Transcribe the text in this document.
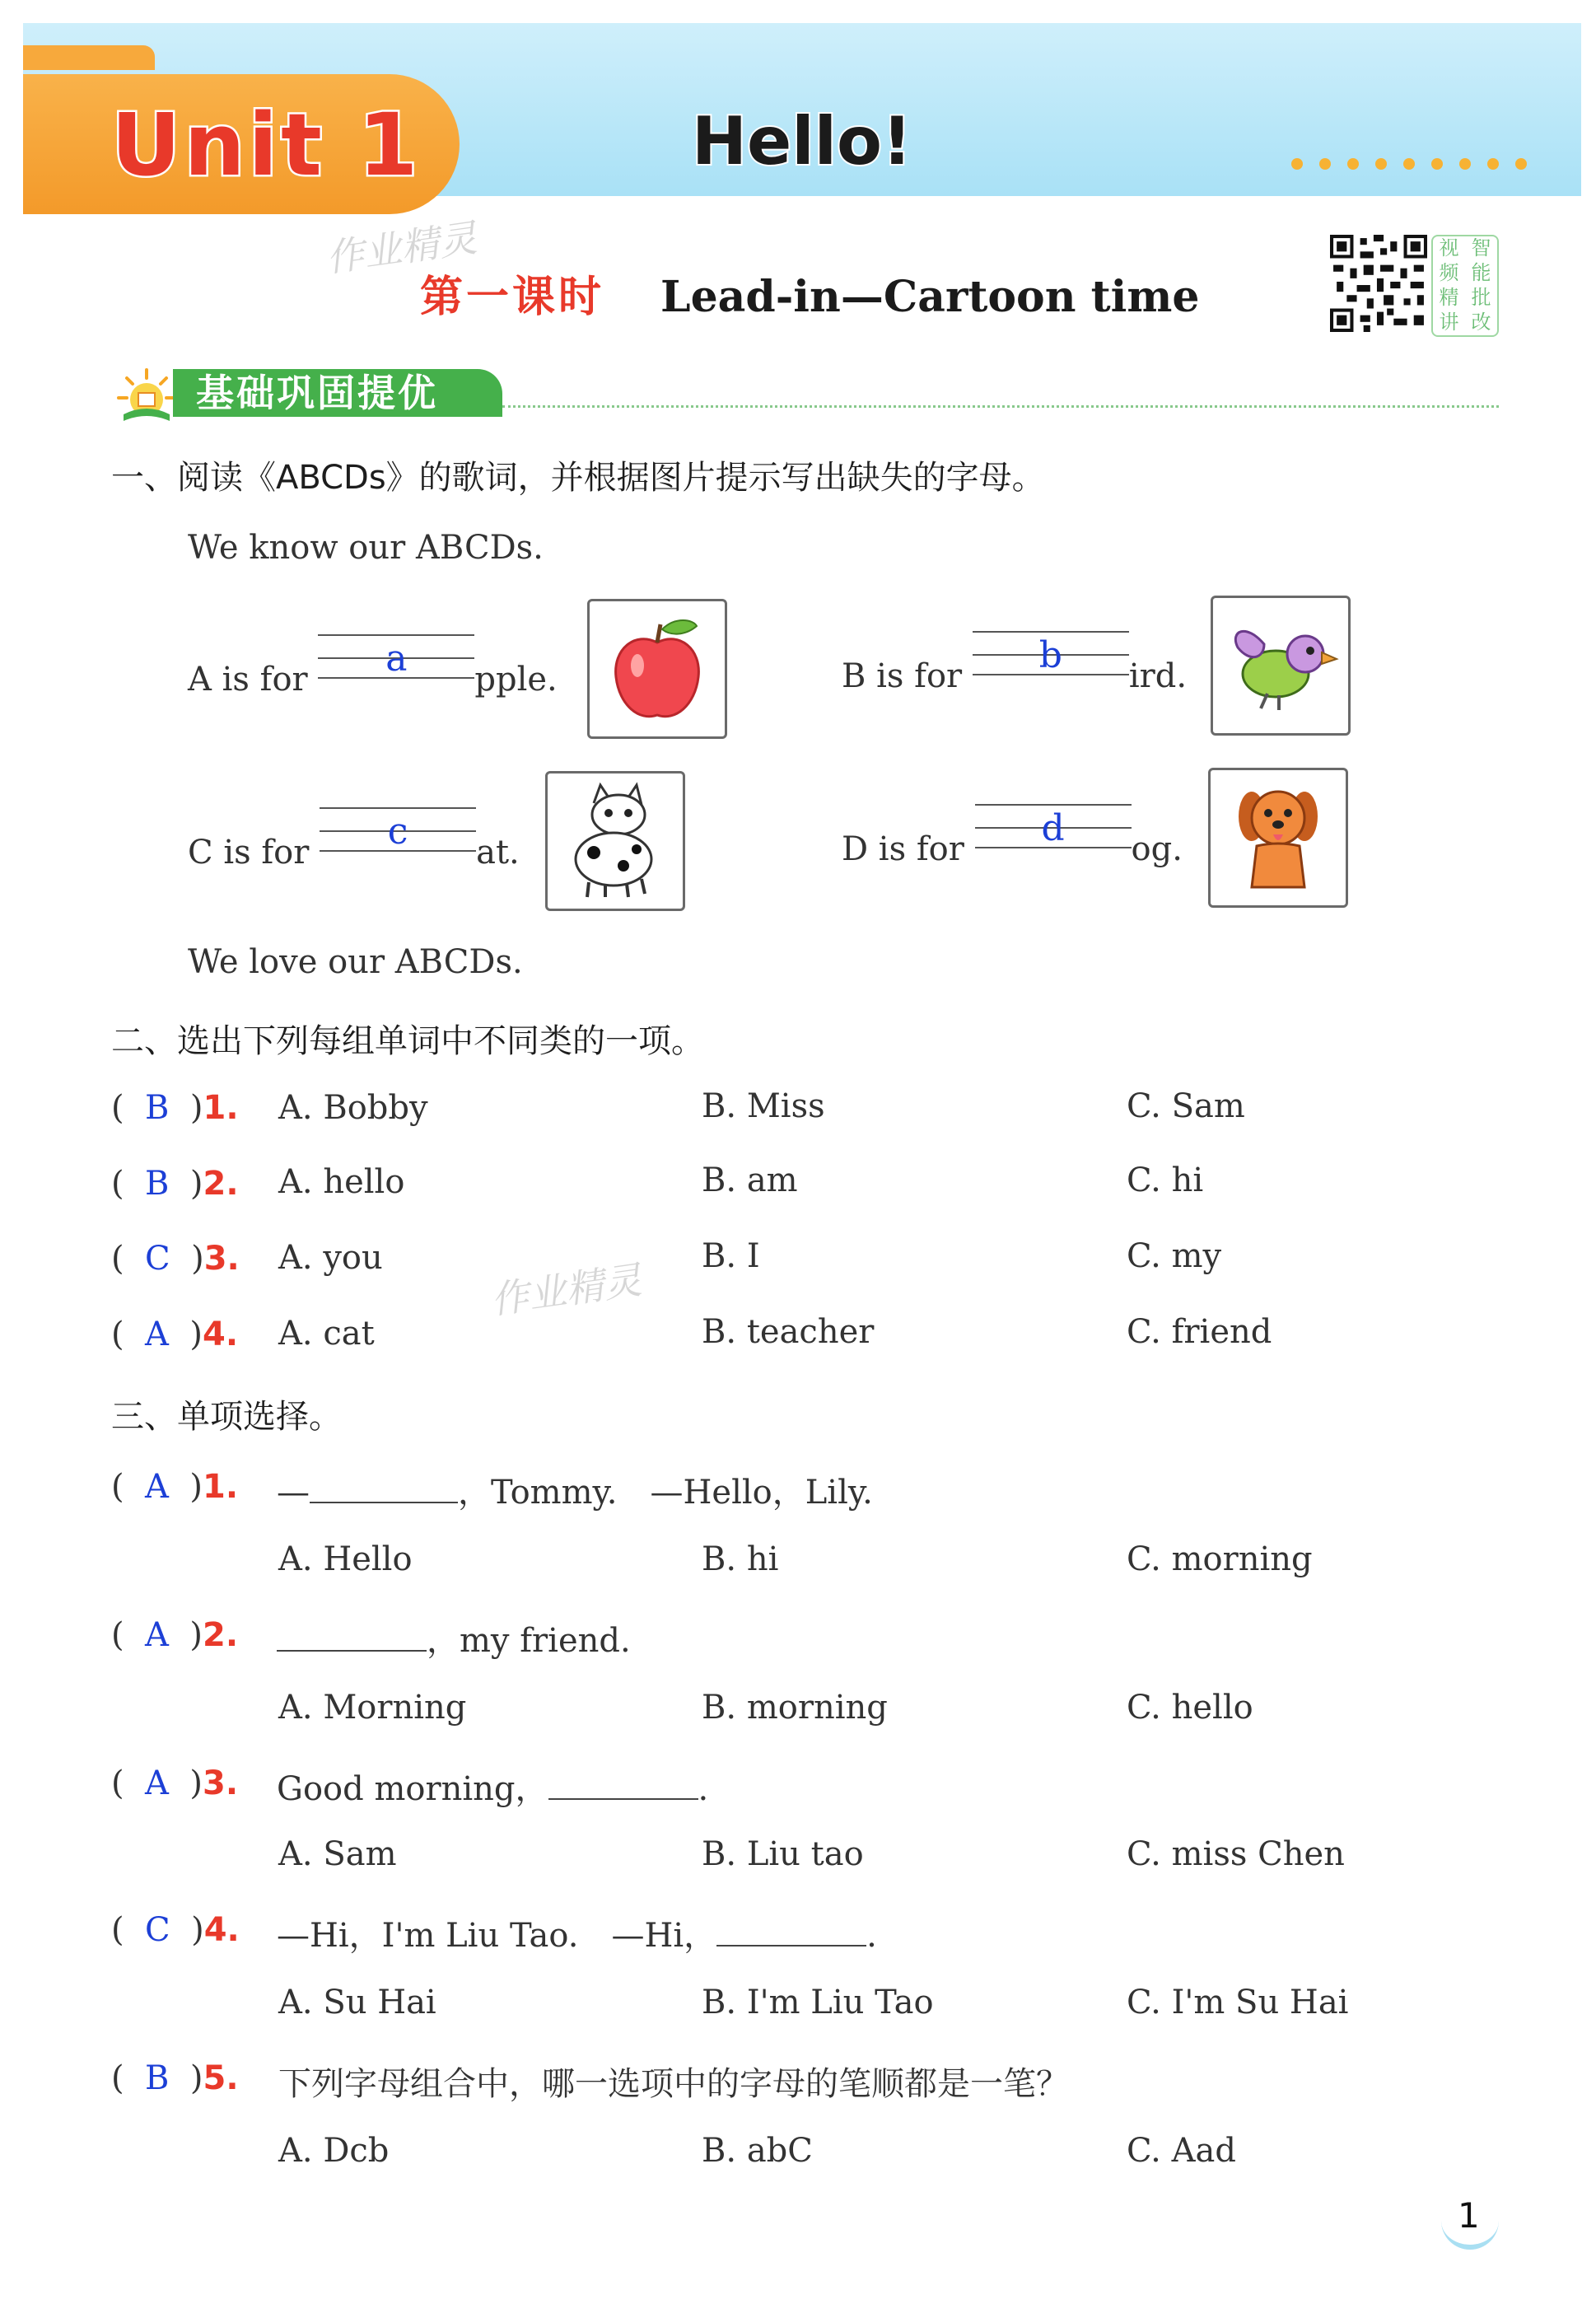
Unit 1	Hello!
作业精灵
第一课时 Lead-in—Cartoon time
视 智
频 能
精 批
讲 改
基础巩固提优
一、阅读《ABCDs》的歌词，并根据图片提示写出缺失的字母。
We know our ABCDs.
A is for
	a	pple.	B is for
	b	ird.
C is for
	c	at.	D is for
	d	og.
We love our ABCDs.
二、选出下列每组单词中不同类的一项。
(  B  )1. A. Bobby	B. Miss	C. Sam
(  B  )2. A. hello	B. am	C. hi
(  C  )3. A. you	B. I	C. my
作业精灵
(  A  )4. A. cat	B. teacher	C. friend
三、单项选择。
(  A  )1. —	，Tommy.　—Hello，Lily.
A. Hello	B. hi	C. morning
(  A  )2.	，my friend.
A. Morning	B. morning	C. hello
(  A  )3. Good morning，	.
A. Sam	B. Liu tao	C. miss Chen
(  C  )4. —Hi，I'm Liu Tao.　—Hi，	.
A. Su Hai	B. I'm Liu Tao	C. I'm Su Hai
(  B  )5. 下列字母组合中，哪一选项中的字母的笔顺都是一笔？
A. Dcb	B. abC	C. Aad
1
